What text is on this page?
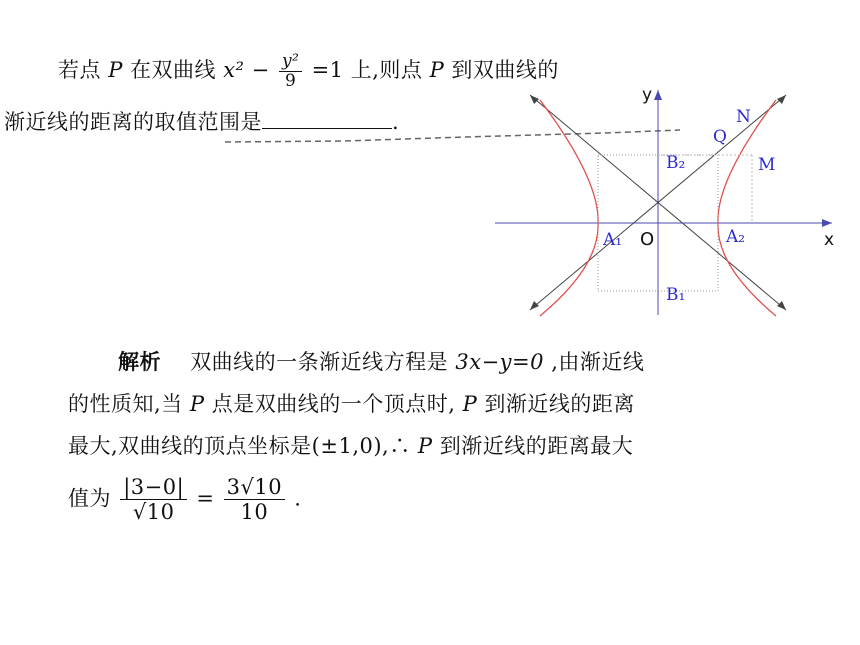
若点 P 在双曲线 $x^2 - \frac{\text{y²}}{9} =1$ 上,则点 P 到双曲线的
渐近线的距离的取值范围是	.
y
x
O
A₁	A₂
B₁
B₂
Q
N
M
解析 双曲线的一条渐近线方程是 3x−y=0 ,由渐近线
的性质知,当 P 点是双曲线的一个顶点时, P 到渐近线的距离
最大,双曲线的顶点坐标是(±1,0),∴ P 到渐近线的距离最大
值为 $\frac{|3-0|}{√10} = \frac{3√10}{10}$ .
